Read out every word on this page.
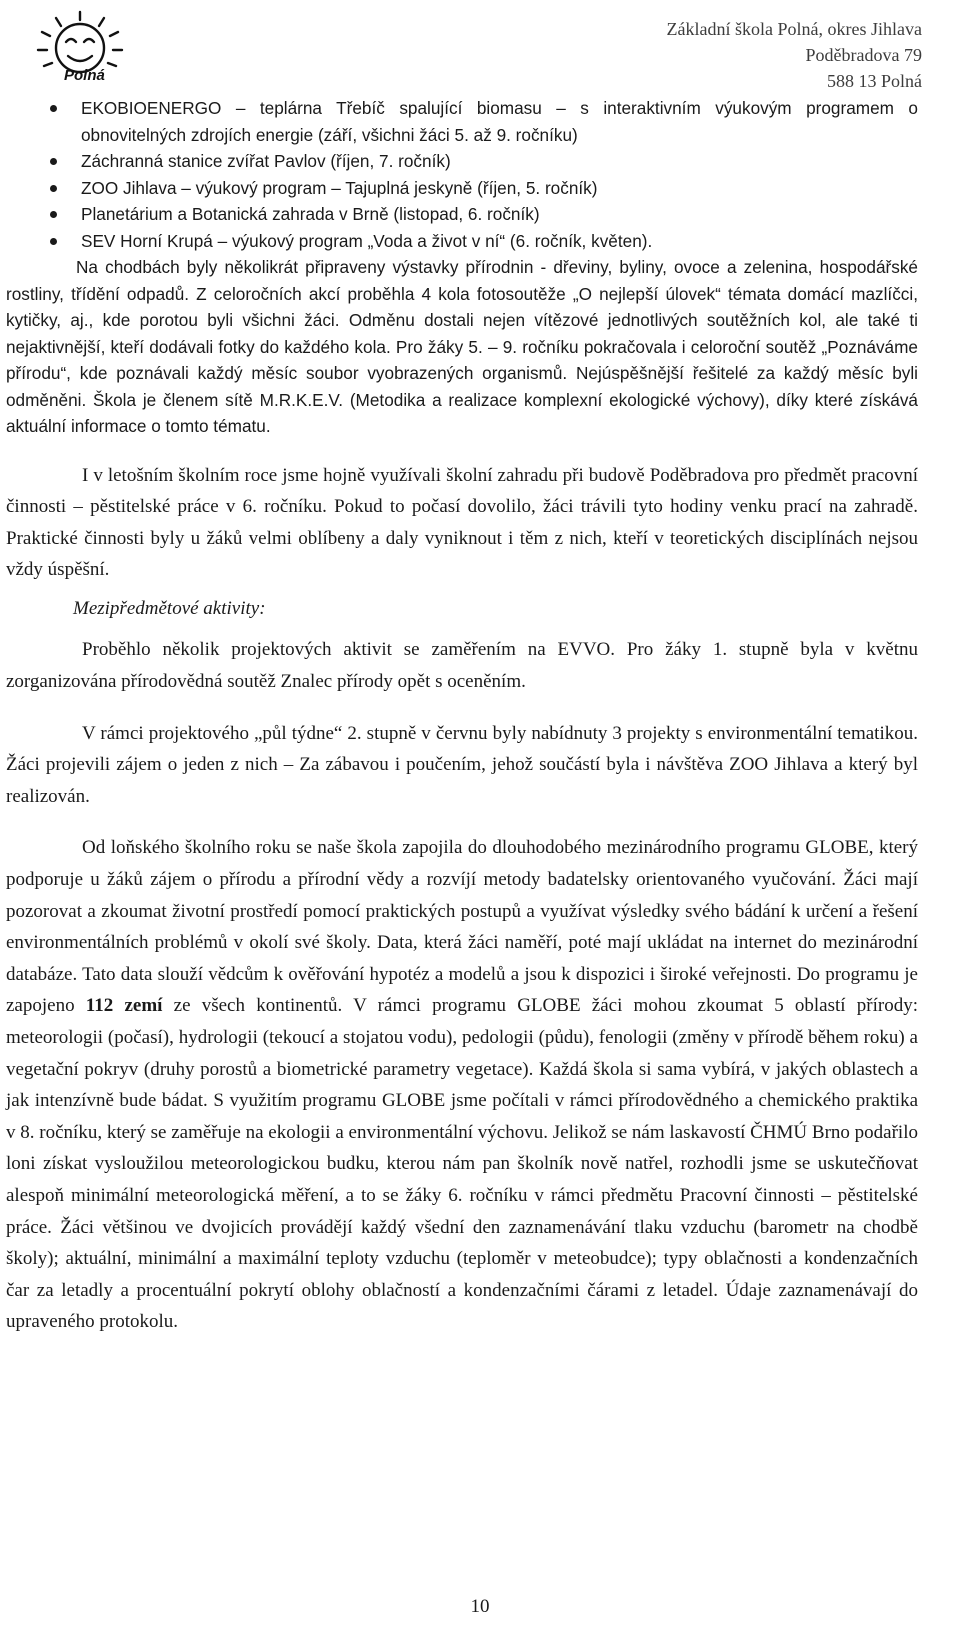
Polná
Základní škola Polná, okres Jihlava
Poděbradova 79
588 13 Polná
EKOBIOENERGO – teplárna Třebíč spalující biomasu – s interaktivním výukovým programem o obnovitelných zdrojích energie (září, všichni žáci 5. až 9. ročníku)
Záchranná stanice zvířat Pavlov (říjen, 7. ročník)
ZOO Jihlava – výukový program – Tajuplná jeskyně (říjen, 5. ročník)
Planetárium a Botanická zahrada v Brně (listopad, 6. ročník)
SEV Horní Krupá – výukový program „Voda a život v ní“ (6. ročník, květen).

Na chodbách byly několikrát připraveny výstavky přírodnin - dřeviny, byliny, ovoce a zelenina, hospodářské rostliny, třídění odpadů. Z celoročních akcí proběhla 4 kola fotosoutěže „O nejlepší úlovek“ témata domácí mazlíčci, kytičky, aj., kde porotou byli všichni žáci. Odměnu dostali nejen vítězové jednotlivých soutěžních kol, ale také ti nejaktivnější, kteří dodávali fotky do každého kola. Pro žáky 5. – 9. ročníku pokračovala i celoroční soutěž „Poznáváme přírodu“, kde poznávali každý měsíc soubor vyobrazených organismů. Nejúspěšnější řešitelé za každý měsíc byli odměněni. Škola je členem sítě M.R.K.E.V. (Metodika a realizace komplexní ekologické výchovy), díky které získává aktuální informace o tomto tématu.

I v letošním školním roce jsme hojně využívali školní zahradu při budově Poděbradova pro předmět pracovní činnosti – pěstitelské práce v 6. ročníku. Pokud to počasí dovolilo, žáci trávili tyto hodiny venku prací na zahradě. Praktické činnosti byly u žáků velmi oblíbeny a daly vyniknout i těm z nich, kteří v teoretických disciplínách nejsou vždy úspěšní.

Mezipředmětové aktivity:

Proběhlo několik projektových aktivit se zaměřením na EVVO. Pro žáky 1. stupně byla v květnu zorganizována přírodovědná soutěž Znalec přírody opět s oceněním.

V rámci projektového „půl týdne“ 2. stupně v červnu byly nabídnuty 3 projekty s environmentální tematikou. Žáci projevili zájem o jeden z nich – Za zábavou i poučením, jehož součástí byla i návštěva ZOO Jihlava a který byl realizován.

Od loňského školního roku se naše škola zapojila do dlouhodobého mezinárodního programu GLOBE, který podporuje u žáků zájem o přírodu a přírodní vědy a rozvíjí metody badatelsky orientovaného vyučování. Žáci mají pozorovat a zkoumat životní prostředí pomocí praktických postupů a využívat výsledky svého bádání k určení a řešení environmentálních problémů v okolí své školy. Data, která žáci naměří, poté mají ukládat na internet do mezinárodní databáze. Tato data slouží vědcům k ověřování hypotéz a modelů a jsou k dispozici i široké veřejnosti. Do programu je zapojeno 112 zemí ze všech kontinentů. V rámci programu GLOBE žáci mohou zkoumat 5 oblastí přírody: meteorologii (počasí), hydrologii (tekoucí a stojatou vodu), pedologii (půdu), fenologii (změny v přírodě během roku) a vegetační pokryv (druhy porostů a biometrické parametry vegetace). Každá škola si sama vybírá, v jakých oblastech a jak intenzívně bude bádat. S využitím programu GLOBE jsme počítali v rámci přírodovědného a chemického praktika v 8. ročníku, který se zaměřuje na ekologii a environmentální výchovu. Jelikož se nám laskavostí ČHMÚ Brno podařilo loni získat vysloužilou meteorologickou budku, kterou nám pan školník nově natřel, rozhodli jsme se uskutečňovat alespoň minimální meteorologická měření, a to se žáky 6. ročníku v rámci předmětu Pracovní činnosti – pěstitelské práce. Žáci většinou ve dvojicích provádějí každý všední den zaznamenávání tlaku vzduchu (barometr na chodbě školy); aktuální, minimální a maximální teploty vzduchu (teploměr v meteobudce); typy oblačnosti a kondenzačních čar za letadly a procentuální pokrytí oblohy oblačností a kondenzačními čárami z letadel. Údaje zaznamenávají do upraveného protokolu.

10
